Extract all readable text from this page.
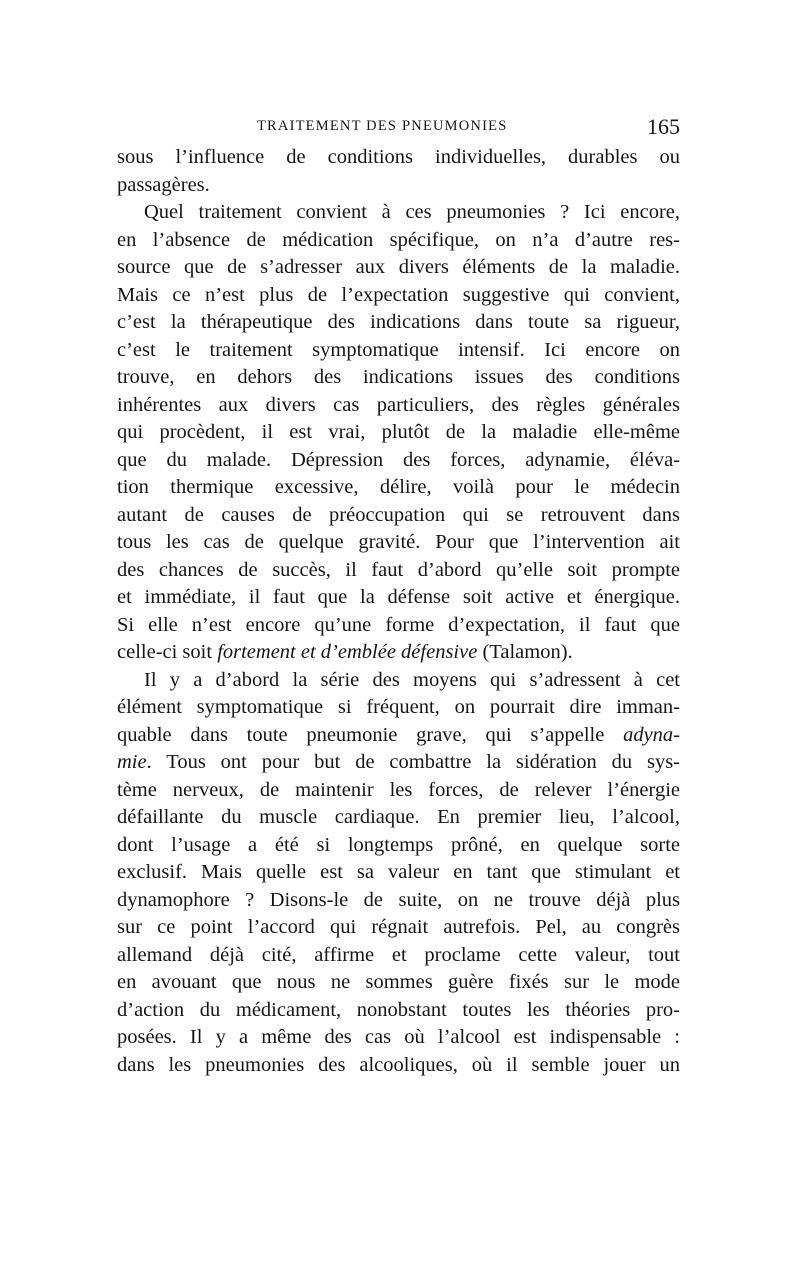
TRAITEMENT DES PNEUMONIES	165
sous l’influence de conditions individuelles, durables ou
passagères.
Quel traitement convient à ces pneumonies ? Ici encore,
en l’absence de médication spécifique, on n’a d’autre res-
source que de s’adresser aux divers éléments de la maladie.
Mais ce n’est plus de l’expectation suggestive qui convient,
c’est la thérapeutique des indications dans toute sa rigueur,
c’est le traitement symptomatique intensif. Ici encore on
trouve, en dehors des indications issues des conditions
inhérentes aux divers cas particuliers, des règles générales
qui procèdent, il est vrai, plutôt de la maladie elle-même
que du malade. Dépression des forces, adynamie, éléva-
tion thermique excessive, délire, voilà pour le médecin
autant de causes de préoccupation qui se retrouvent dans
tous les cas de quelque gravité. Pour que l’intervention ait
des chances de succès, il faut d’abord qu’elle soit prompte
et immédiate, il faut que la défense soit active et énergique.
Si elle n’est encore qu’une forme d’expectation, il faut que
celle-ci soit fortement et d’emblée défensive (Talamon).
Il y a d’abord la série des moyens qui s’adressent à cet
élément symptomatique si fréquent, on pourrait dire imman-
quable dans toute pneumonie grave, qui s’appelle adyna-
mie. Tous ont pour but de combattre la sidération du sys-
tème nerveux, de maintenir les forces, de relever l’énergie
défaillante du muscle cardiaque. En premier lieu, l’alcool,
dont l’usage a été si longtemps prôné, en quelque sorte
exclusif. Mais quelle est sa valeur en tant que stimulant et
dynamophore ? Disons-le de suite, on ne trouve déjà plus
sur ce point l’accord qui régnait autrefois. Pel, au congrès
allemand déjà cité, affirme et proclame cette valeur, tout
en avouant que nous ne sommes guère fixés sur le mode
d’action du médicament, nonobstant toutes les théories pro-
posées. Il y a même des cas où l’alcool est indispensable :
dans les pneumonies des alcooliques, où il semble jouer un
